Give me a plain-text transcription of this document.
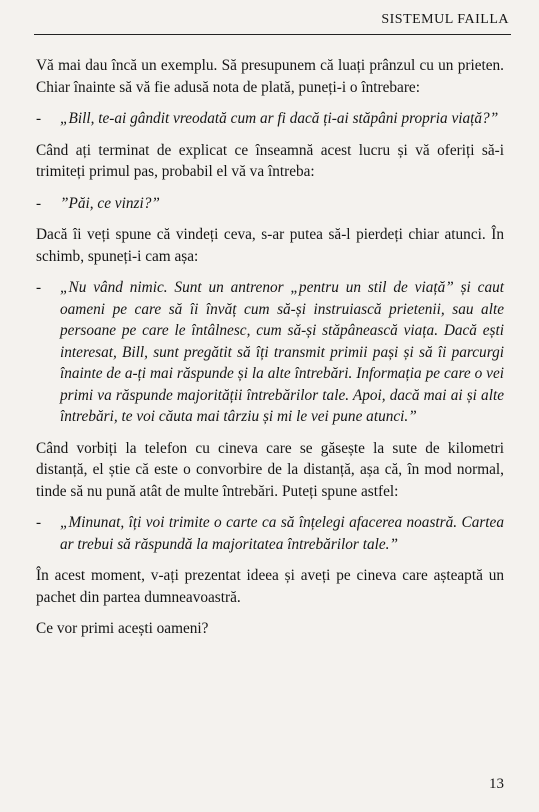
SISTEMUL FAILLA

Vă mai dau încă un exemplu. Să presupunem că luați prânzul cu un prieten. Chiar înainte să vă fie adusă nota de plată, puneți-i o întrebare:

-	„Bill, te-ai gândit vreodată cum ar fi dacă ți-ai stăpâni propria viață?”

Când ați terminat de explicat ce înseamnă acest lucru și vă oferiți să-i trimiteți primul pas, probabil el vă va întreba:

-	”Păi, ce vinzi?”

Dacă îi veți spune că vindeți ceva, s-ar putea să-l pierdeți chiar atunci. În schimb, spuneți-i cam așa:

-	„Nu vând nimic. Sunt un antrenor „pentru un stil de viață” și caut oameni pe care să îi învăț cum să-și instruiască prietenii, sau alte persoane pe care le întâlnesc, cum să-și stăpânească viața. Dacă ești interesat, Bill, sunt pregătit să îți transmit primii pași și să îi parcurgi înainte de a-ți mai răspunde și la alte întrebări. Informația pe care o vei primi va răspunde majorității întrebărilor tale. Apoi, dacă mai ai și alte întrebări, te voi căuta mai târziu și mi le vei pune atunci.”

Când vorbiți la telefon cu cineva care se găsește la sute de kilometri distanță, el știe că este o convorbire de la distanță, așa că, în mod normal, tinde să nu pună atât de multe întrebări. Puteți spune astfel:

-	„Minunat, îți voi trimite o carte ca să înțelegi afacerea noastră. Cartea ar trebui să răspundă la majoritatea întrebărilor tale.”

În acest moment, v-ați prezentat ideea și aveți pe cineva care așteaptă un pachet din partea dumneavoastră.

Ce vor primi acești oameni?

13
